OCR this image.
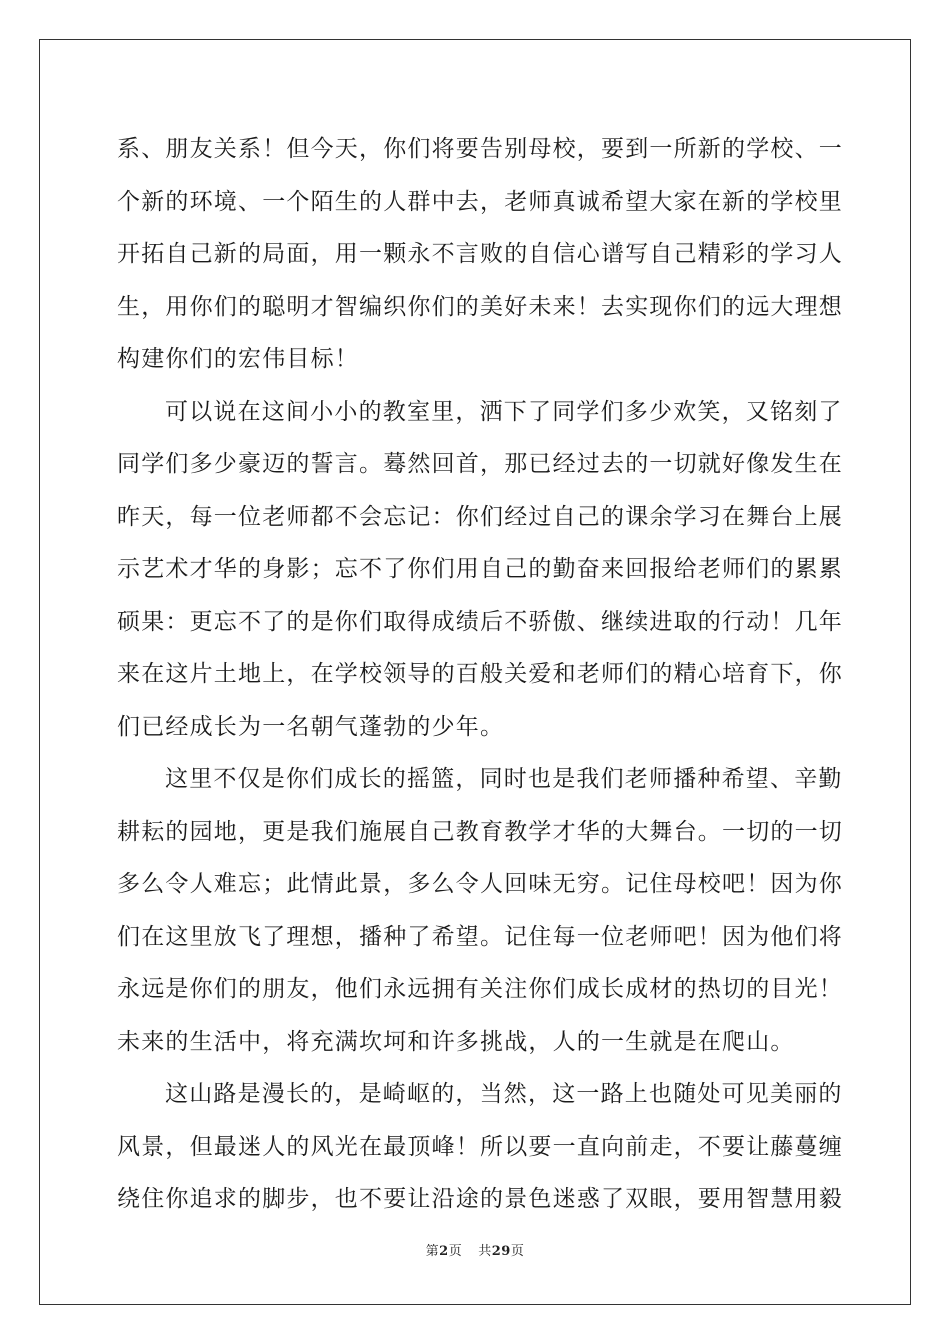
系、朋友关系！但今天，你们将要告别母校，要到一所新的学校、一
个新的环境、一个陌生的人群中去，老师真诚希望大家在新的学校里
开拓自己新的局面，用一颗永不言败的自信心谱写自己精彩的学习人
生，用你们的聪明才智编织你们的美好未来！去实现你们的远大理想
构建你们的宏伟目标！
可以说在这间小小的教室里，洒下了同学们多少欢笑，又铭刻了
同学们多少豪迈的誓言。蓦然回首，那已经过去的一切就好像发生在
昨天，每一位老师都不会忘记：你们经过自己的课余学习在舞台上展
示艺术才华的身影；忘不了你们用自己的勤奋来回报给老师们的累累
硕果：更忘不了的是你们取得成绩后不骄傲、继续进取的行动！几年
来在这片土地上，在学校领导的百般关爱和老师们的精心培育下，你
们已经成长为一名朝气蓬勃的少年。
这里不仅是你们成长的摇篮，同时也是我们老师播种希望、辛勤
耕耘的园地，更是我们施展自己教育教学才华的大舞台。一切的一切
多么令人难忘；此情此景，多么令人回味无穷。记住母校吧！因为你
们在这里放飞了理想，播种了希望。记住每一位老师吧！因为他们将
永远是你们的朋友，他们永远拥有关注你们成长成材的热切的目光！
未来的生活中，将充满坎坷和许多挑战，人的一生就是在爬山。
这山路是漫长的，是崎岖的，当然，这一路上也随处可见美丽的
风景，但最迷人的风光在最顶峰！所以要一直向前走，不要让藤蔓缠
绕住你追求的脚步，也不要让沿途的景色迷惑了双眼，要用智慧用毅
第2页 共29页
